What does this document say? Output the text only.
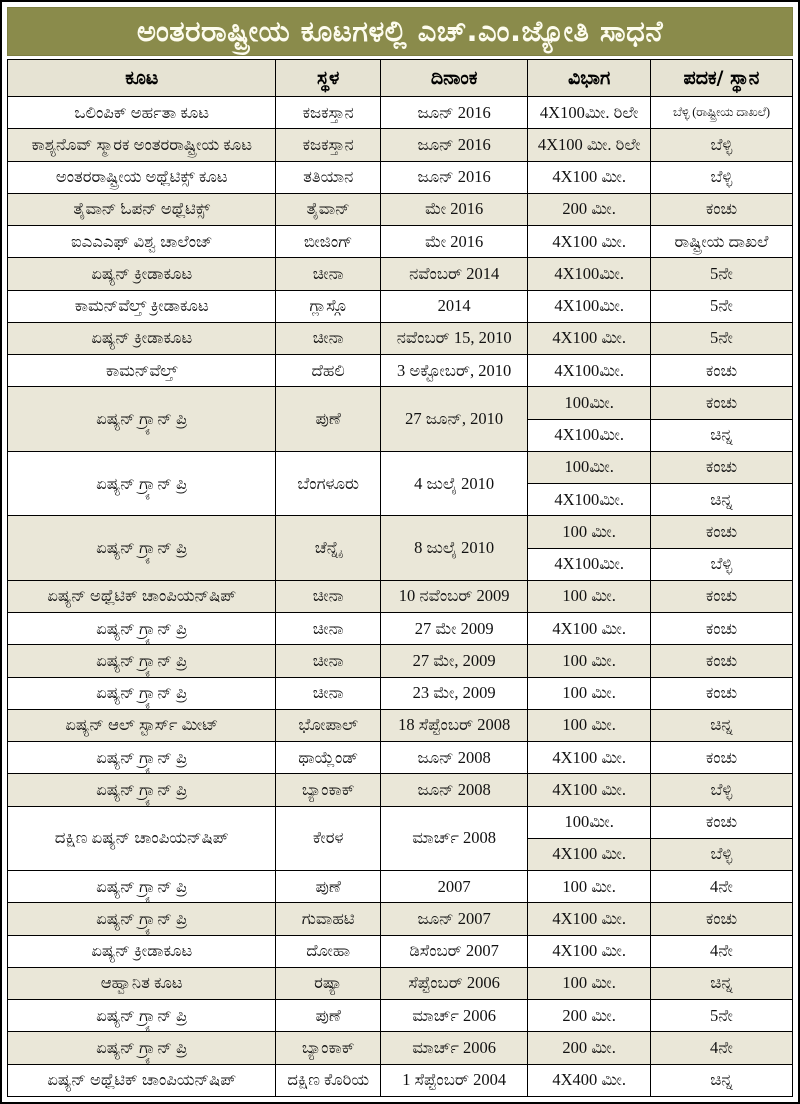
ಅಂತರರಾಷ್ಟ್ರೀಯ ಕೂಟಗಳಲ್ಲಿ ಎಚ್.ಎಂ.ಜ್ಯೋತಿ ಸಾಧನೆ
ಕೂಟ	ಸ್ಥಳ	ದಿನಾಂಕ	ವಿಭಾಗ	ಪದಕ/ ಸ್ಥಾನ
ಒಲಿಂಪಿಕ್ ಅರ್ಹತಾ ಕೂಟ	ಕಜಕಸ್ತಾನ	ಜೂನ್ 2016	4X100ಮೀ. ರಿಲೇ	ಬೆಳ್ಳಿ (ರಾಷ್ಟ್ರೀಯ ದಾಖಲೆ)
ಕಾಶ್ಯನೊವ್ ಸ್ಮಾರಕ ಅಂತರರಾಷ್ಟ್ರೀಯ ಕೂಟ	ಕಜಕಸ್ತಾನ	ಜೂನ್ 2016	4X100 ಮೀ. ರಿಲೇ	ಬೆಳ್ಳಿ
ಅಂತರರಾಷ್ಟ್ರೀಯ ಅಥ್ಲೆಟಿಕ್ಸ್ ಕೂಟ	ತತಿಯಾನ	ಜೂನ್ 2016	4X100 ಮೀ.	ಬೆಳ್ಳಿ
ತೈವಾನ್ ಓಪನ್ ಅಥ್ಲೆಟಿಕ್ಸ್	ತೈವಾನ್	ಮೇ 2016	200 ಮೀ.	ಕಂಚು
ಐಎಎಎಫ್ ವಿಶ್ವ ಚಾಲೆಂಜ್	ಬೀಜಿಂಗ್	ಮೇ 2016	4X100 ಮೀ.	ರಾಷ್ಟ್ರೀಯ ದಾಖಲೆ
ಏಷ್ಯನ್ ಕ್ರೀಡಾಕೂಟ	ಚೀನಾ	ನವೆಂಬರ್ 2014	4X100ಮೀ.	5ನೇ
ಕಾಮನ್‌ವೆಲ್ತ್ ಕ್ರೀಡಾಕೂಟ	ಗ್ಲಾಸ್ಗೊ	2014	4X100ಮೀ.	5ನೇ
ಏಷ್ಯನ್ ಕ್ರೀಡಾಕೂಟ	ಚೀನಾ	ನವೆಂಬರ್ 15, 2010	4X100 ಮೀ.	5ನೇ
ಕಾಮನ್‌ವೆಲ್ತ್	ದೆಹಲಿ	3 ಅಕ್ಟೋಬರ್, 2010	4X100ಮೀ.	ಕಂಚು
ಏಷ್ಯನ್ ಗ್ರ್ಯಾನ್ ಪ್ರಿ	ಪುಣೆ	27 ಜೂನ್, 2010	100ಮೀ.	ಕಂಚು
			4X100ಮೀ.	ಚಿನ್ನ
ಏಷ್ಯನ್ ಗ್ರ್ಯಾನ್ ಪ್ರಿ	ಬೆಂಗಳೂರು	4 ಜುಲೈ 2010	100ಮೀ.	ಕಂಚು
			4X100ಮೀ.	ಚಿನ್ನ
ಏಷ್ಯನ್ ಗ್ರ್ಯಾನ್ ಪ್ರಿ	ಚೆನ್ನೈ	8 ಜುಲೈ 2010	100 ಮೀ.	ಕಂಚು
			4X100ಮೀ.	ಬೆಳ್ಳಿ
ಏಷ್ಯನ್ ಅಥ್ಲೆಟಿಕ್ ಚಾಂಪಿಯನ್‌ಷಿಪ್	ಚೀನಾ	10 ನವೆಂಬರ್ 2009	100 ಮೀ.	ಕಂಚು
ಏಷ್ಯನ್ ಗ್ರ್ಯಾನ್ ಪ್ರಿ	ಚೀನಾ	27 ಮೇ 2009	4X100 ಮೀ.	ಕಂಚು
ಏಷ್ಯನ್ ಗ್ರ್ಯಾನ್ ಪ್ರಿ	ಚೀನಾ	27 ಮೇ, 2009	100 ಮೀ.	ಕಂಚು
ಏಷ್ಯನ್ ಗ್ರ್ಯಾನ್ ಪ್ರಿ	ಚೀನಾ	23 ಮೇ, 2009	100 ಮೀ.	ಕಂಚು
ಏಷ್ಯನ್ ಆಲ್ ಸ್ಟಾರ್ಸ್ ಮೀಟ್	ಭೋಪಾಲ್	18 ಸೆಪ್ಟೆಂಬರ್ 2008	100 ಮೀ.	ಚಿನ್ನ
ಏಷ್ಯನ್ ಗ್ರ್ಯಾನ್ ಪ್ರಿ	ಥಾಯ್ಲೆಂಡ್	ಜೂನ್ 2008	4X100 ಮೀ.	ಕಂಚು
ಏಷ್ಯನ್ ಗ್ರ್ಯಾನ್ ಪ್ರಿ	ಬ್ಯಾಂಕಾಕ್	ಜೂನ್ 2008	4X100 ಮೀ.	ಬೆಳ್ಳಿ
ದಕ್ಷಿಣ ಏಷ್ಯನ್ ಚಾಂಪಿಯನ್‌ಷಿಪ್	ಕೇರಳ	ಮಾರ್ಚ್ 2008	100ಮೀ.	ಕಂಚು
			4X100 ಮೀ.	ಬೆಳ್ಳಿ
ಏಷ್ಯನ್ ಗ್ರ್ಯಾನ್ ಪ್ರಿ	ಪುಣೆ	2007	100 ಮೀ.	4ನೇ
ಏಷ್ಯನ್ ಗ್ರ್ಯಾನ್ ಪ್ರಿ	ಗುವಾಹಟಿ	ಜೂನ್ 2007	4X100 ಮೀ.	ಕಂಚು
ಏಷ್ಯನ್ ಕ್ರೀಡಾಕೂಟ	ದೋಹಾ	ಡಿಸೆಂಬರ್ 2007	4X100 ಮೀ.	4ನೇ
ಆಹ್ವಾನಿತ ಕೂಟ	ರಷ್ಯಾ	ಸೆಪ್ಟೆಂಬರ್ 2006	100 ಮೀ.	ಚಿನ್ನ
ಏಷ್ಯನ್ ಗ್ರ್ಯಾನ್ ಪ್ರಿ	ಪುಣೆ	ಮಾರ್ಚ್ 2006	200 ಮೀ.	5ನೇ
ಏಷ್ಯನ್ ಗ್ರ್ಯಾನ್ ಪ್ರಿ	ಬ್ಯಾಂಕಾಕ್	ಮಾರ್ಚ್ 2006	200 ಮೀ.	4ನೇ
ಏಷ್ಯನ್ ಅಥ್ಲೆಟಿಕ್ ಚಾಂಪಿಯನ್‌ಷಿಪ್	ದಕ್ಷಿಣ ಕೊರಿಯ	1 ಸೆಪ್ಟೆಂಬರ್ 2004	4X400 ಮೀ.	ಚಿನ್ನ
